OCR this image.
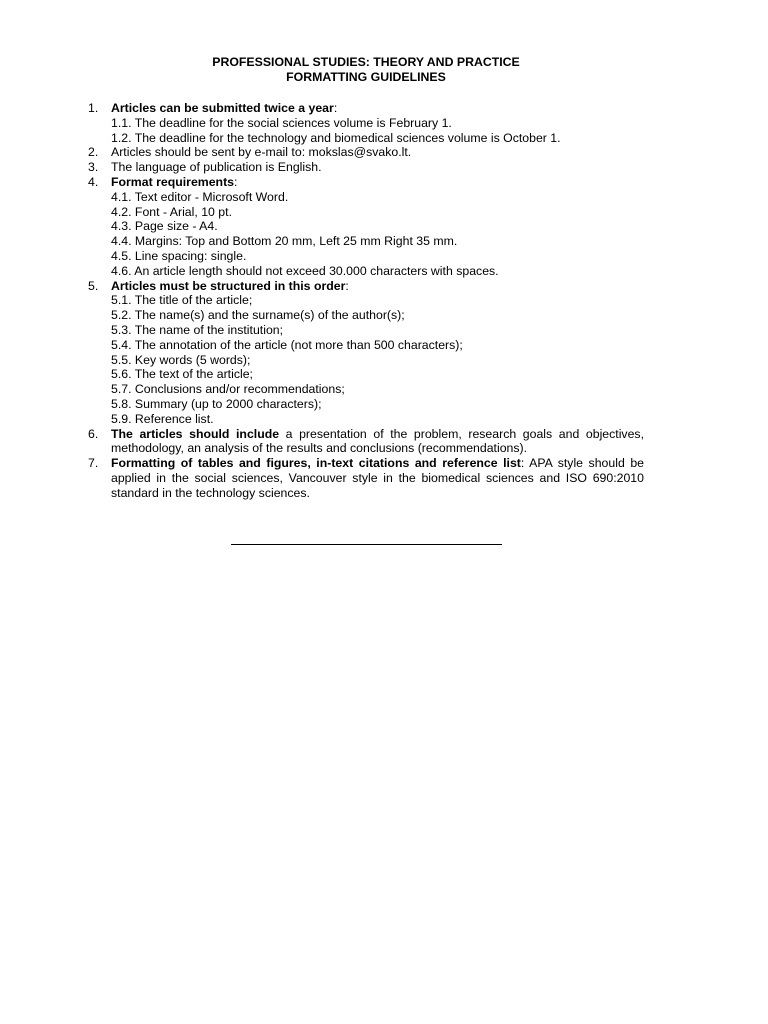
PROFESSIONAL STUDIES: THEORY AND PRACTICE
FORMATTING GUIDELINES
1. Articles can be submitted twice a year:
1.1. The deadline for the social sciences volume is February 1.
1.2. The deadline for the technology and biomedical sciences volume is October 1.
2. Articles should be sent by e-mail to: mokslas@svako.lt.
3. The language of publication is English.
4. Format requirements:
4.1. Text editor - Microsoft Word.
4.2. Font - Arial, 10 pt.
4.3. Page size - A4.
4.4. Margins: Top and Bottom 20 mm, Left 25 mm Right 35 mm.
4.5. Line spacing: single.
4.6. An article length should not exceed 30.000 characters with spaces.
5. Articles must be structured in this order:
5.1. The title of the article;
5.2. The name(s) and the surname(s) of the author(s);
5.3. The name of the institution;
5.4. The annotation of the article (not more than 500 characters);
5.5. Key words (5 words);
5.6. The text of the article;
5.7. Conclusions and/or recommendations;
5.8. Summary (up to 2000 characters);
5.9. Reference list.
6. The articles should include a presentation of the problem, research goals and objectives, methodology, an analysis of the results and conclusions (recommendations).
7. Formatting of tables and figures, in-text citations and reference list: APA style should be applied in the social sciences, Vancouver style in the biomedical sciences and ISO 690:2010 standard in the technology sciences.
